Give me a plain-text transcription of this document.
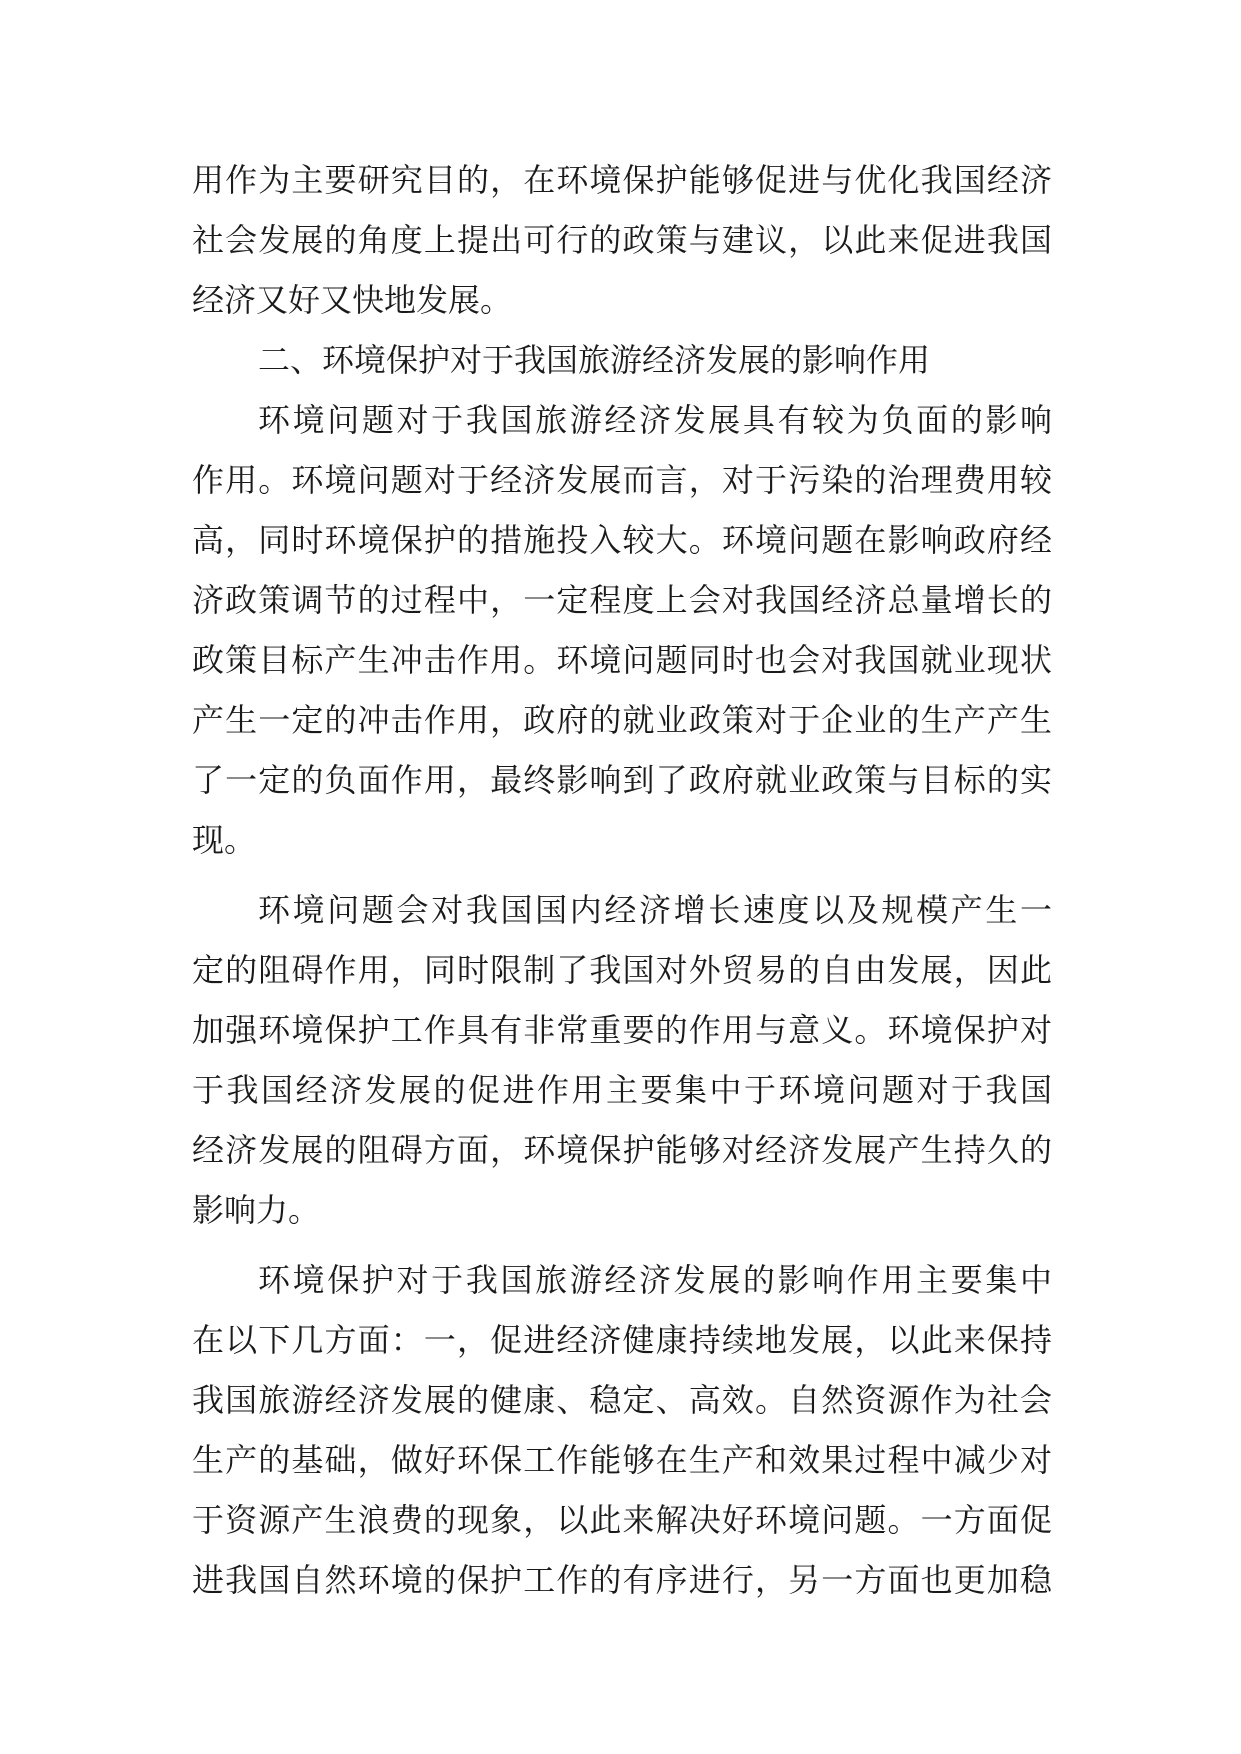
用作为主要研究目的，在环境保护能够促进与优化我国经济
社会发展的角度上提出可行的政策与建议，以此来促进我国
经济又好又快地发展。
二、环境保护对于我国旅游经济发展的影响作用
环境问题对于我国旅游经济发展具有较为负面的影响
作用。环境问题对于经济发展而言，对于污染的治理费用较
高，同时环境保护的措施投入较大。环境问题在影响政府经
济政策调节的过程中，一定程度上会对我国经济总量增长的
政策目标产生冲击作用。环境问题同时也会对我国就业现状
产生一定的冲击作用，政府的就业政策对于企业的生产产生
了一定的负面作用，最终影响到了政府就业政策与目标的实
现。
环境问题会对我国国内经济增长速度以及规模产生一
定的阻碍作用，同时限制了我国对外贸易的自由发展，因此
加强环境保护工作具有非常重要的作用与意义。环境保护对
于我国经济发展的促进作用主要集中于环境问题对于我国
经济发展的阻碍方面，环境保护能够对经济发展产生持久的
影响力。
环境保护对于我国旅游经济发展的影响作用主要集中
在以下几方面：一，促进经济健康持续地发展，以此来保持
我国旅游经济发展的健康、稳定、高效。自然资源作为社会
生产的基础，做好环保工作能够在生产和效果过程中减少对
于资源产生浪费的现象，以此来解决好环境问题。一方面促
进我国自然环境的保护工作的有序进行，另一方面也更加稳
